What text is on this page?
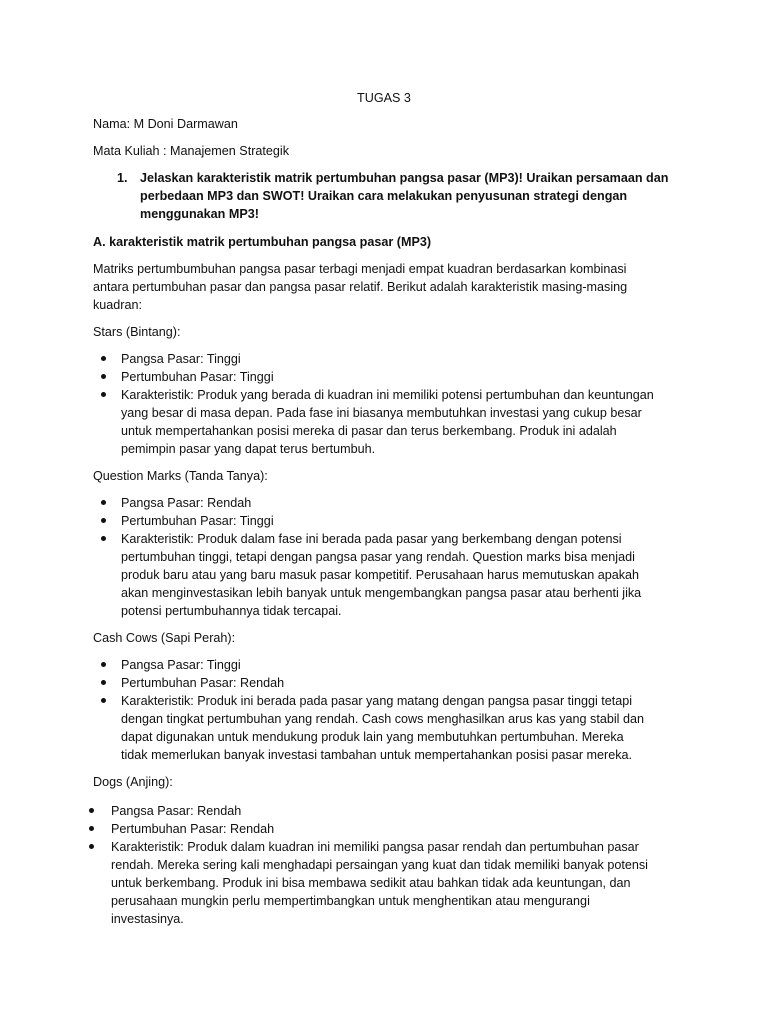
TUGAS 3
Nama: M Doni Darmawan
Mata Kuliah : Manajemen Strategik
1. Jelaskan karakteristik matrik pertumbuhan pangsa pasar (MP3)! Uraikan persamaan dan
perbedaan MP3 dan SWOT! Uraikan cara melakukan penyusunan strategi dengan
menggunakan MP3!
A. karakteristik matrik pertumbuhan pangsa pasar (MP3)
Matriks pertumbumbuhan pangsa pasar terbagi menjadi empat kuadran berdasarkan kombinasi
antara pertumbuhan pasar dan pangsa pasar relatif. Berikut adalah karakteristik masing-masing
kuadran:
Stars (Bintang):
Pangsa Pasar: Tinggi
Pertumbuhan Pasar: Tinggi
Karakteristik: Produk yang berada di kuadran ini memiliki potensi pertumbuhan dan keuntungan
yang besar di masa depan. Pada fase ini biasanya membutuhkan investasi yang cukup besar
untuk mempertahankan posisi mereka di pasar dan terus berkembang. Produk ini adalah
pemimpin pasar yang dapat terus bertumbuh.
Question Marks (Tanda Tanya):
Pangsa Pasar: Rendah
Pertumbuhan Pasar: Tinggi
Karakteristik: Produk dalam fase ini berada pada pasar yang berkembang dengan potensi
pertumbuhan tinggi, tetapi dengan pangsa pasar yang rendah. Question marks bisa menjadi
produk baru atau yang baru masuk pasar kompetitif. Perusahaan harus memutuskan apakah
akan menginvestasikan lebih banyak untuk mengembangkan pangsa pasar atau berhenti jika
potensi pertumbuhannya tidak tercapai.
Cash Cows (Sapi Perah):
Pangsa Pasar: Tinggi
Pertumbuhan Pasar: Rendah
Karakteristik: Produk ini berada pada pasar yang matang dengan pangsa pasar tinggi tetapi
dengan tingkat pertumbuhan yang rendah. Cash cows menghasilkan arus kas yang stabil dan
dapat digunakan untuk mendukung produk lain yang membutuhkan pertumbuhan. Mereka
tidak memerlukan banyak investasi tambahan untuk mempertahankan posisi pasar mereka.
Dogs (Anjing):
Pangsa Pasar: Rendah
Pertumbuhan Pasar: Rendah
Karakteristik: Produk dalam kuadran ini memiliki pangsa pasar rendah dan pertumbuhan pasar
rendah. Mereka sering kali menghadapi persaingan yang kuat dan tidak memiliki banyak potensi
untuk berkembang. Produk ini bisa membawa sedikit atau bahkan tidak ada keuntungan, dan
perusahaan mungkin perlu mempertimbangkan untuk menghentikan atau mengurangi
investasinya.
